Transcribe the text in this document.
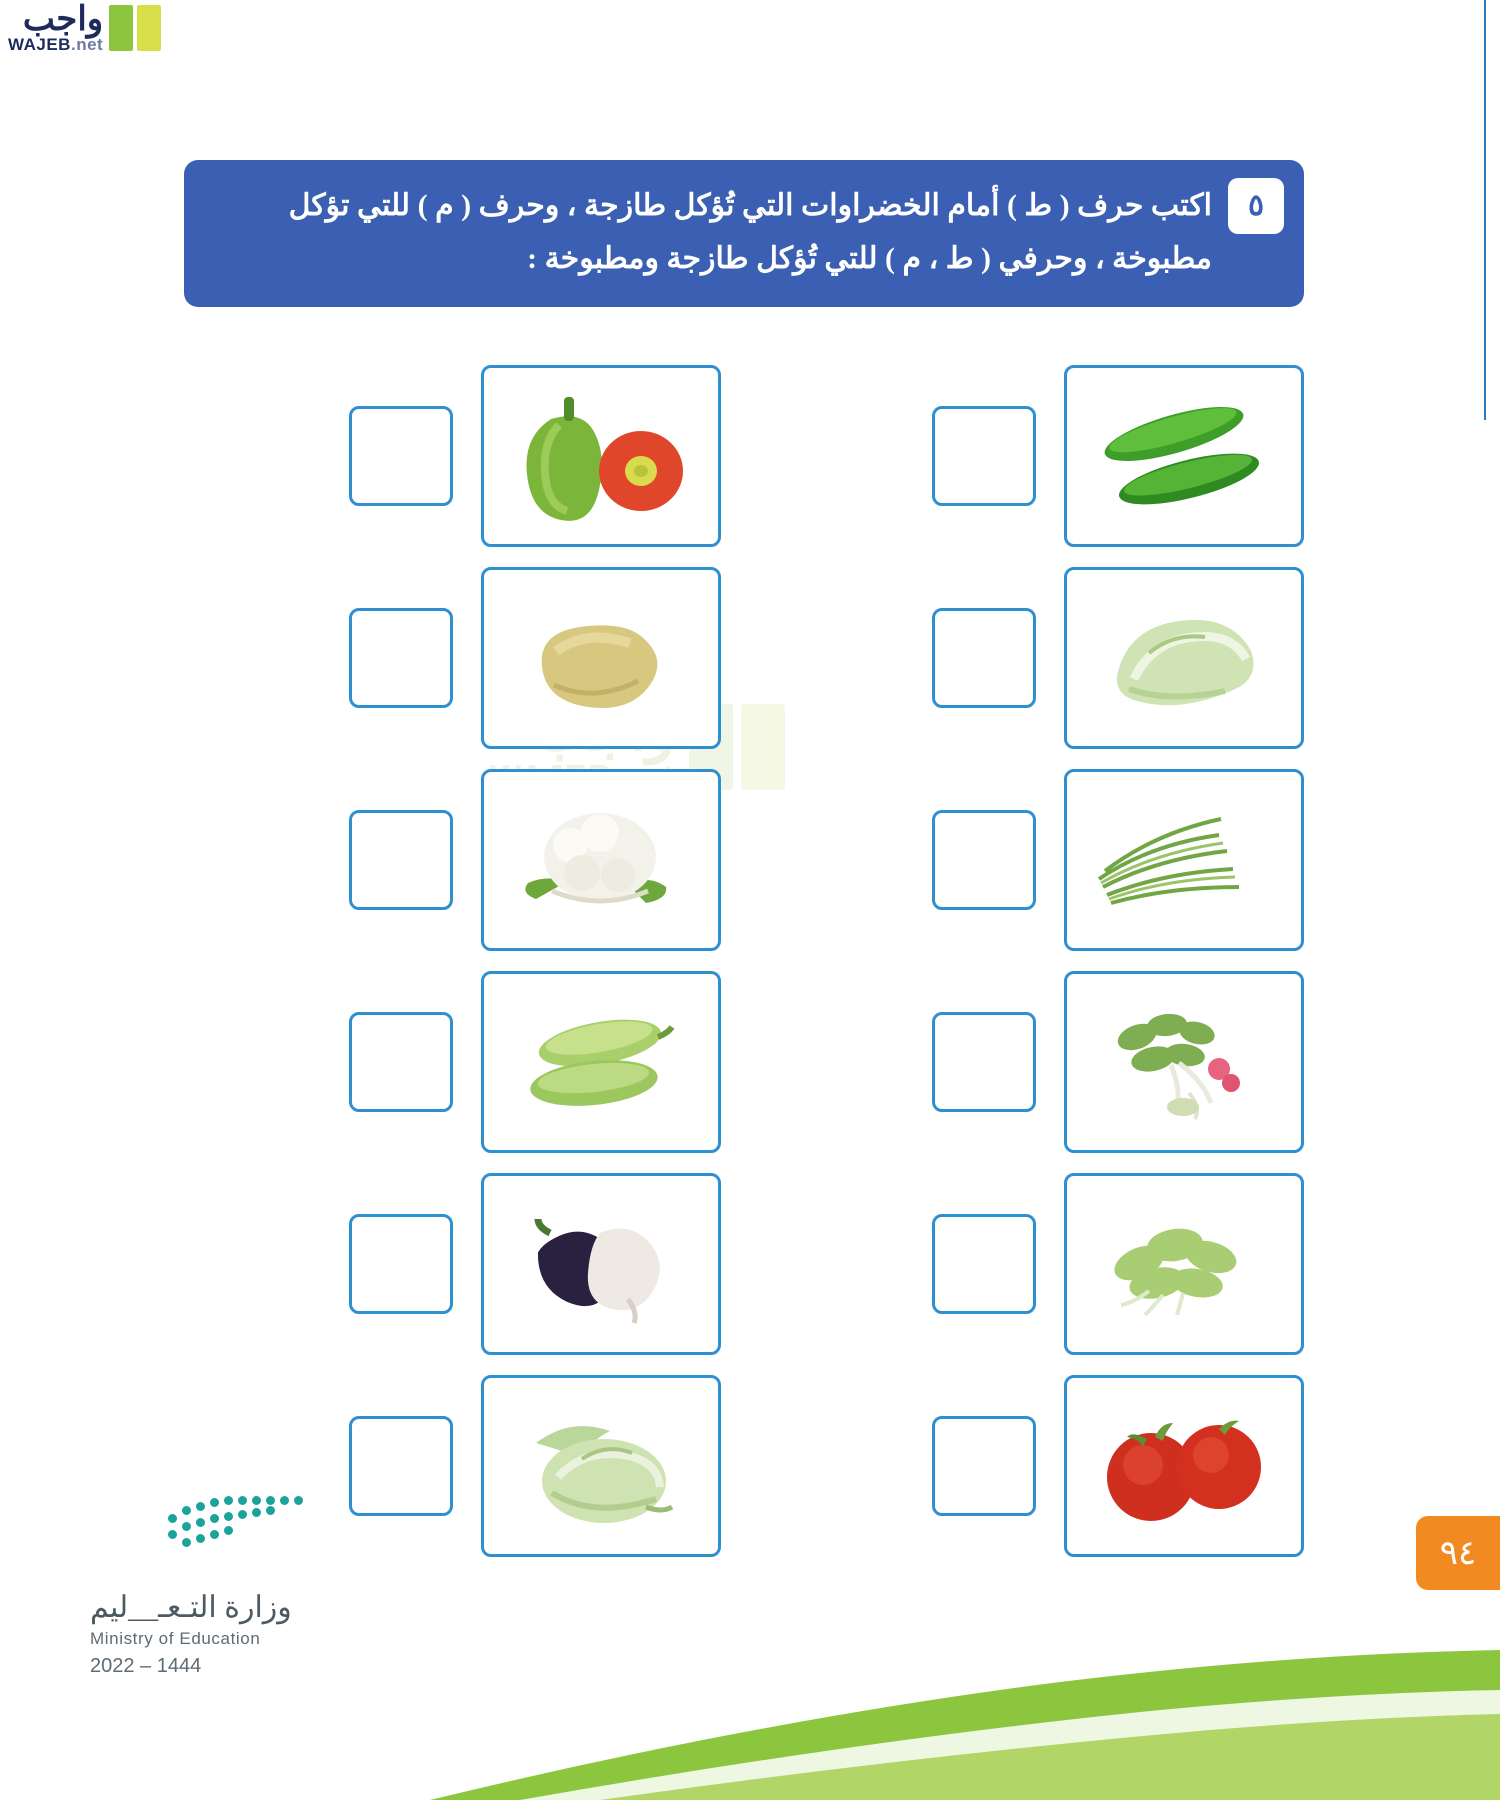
واجب
WAJEB.net
٥
اكتب حرف ( ط ) أمام الخضراوات التي تُؤكل طازجة ، وحرف ( م ) للتي تؤكل مطبوخة ، وحرفي ( ط ، م ) للتي تُؤكل طازجة ومطبوخة :
وزارة التـعـ__ليم
Ministry of Education
2022 – 1444
٩٤
